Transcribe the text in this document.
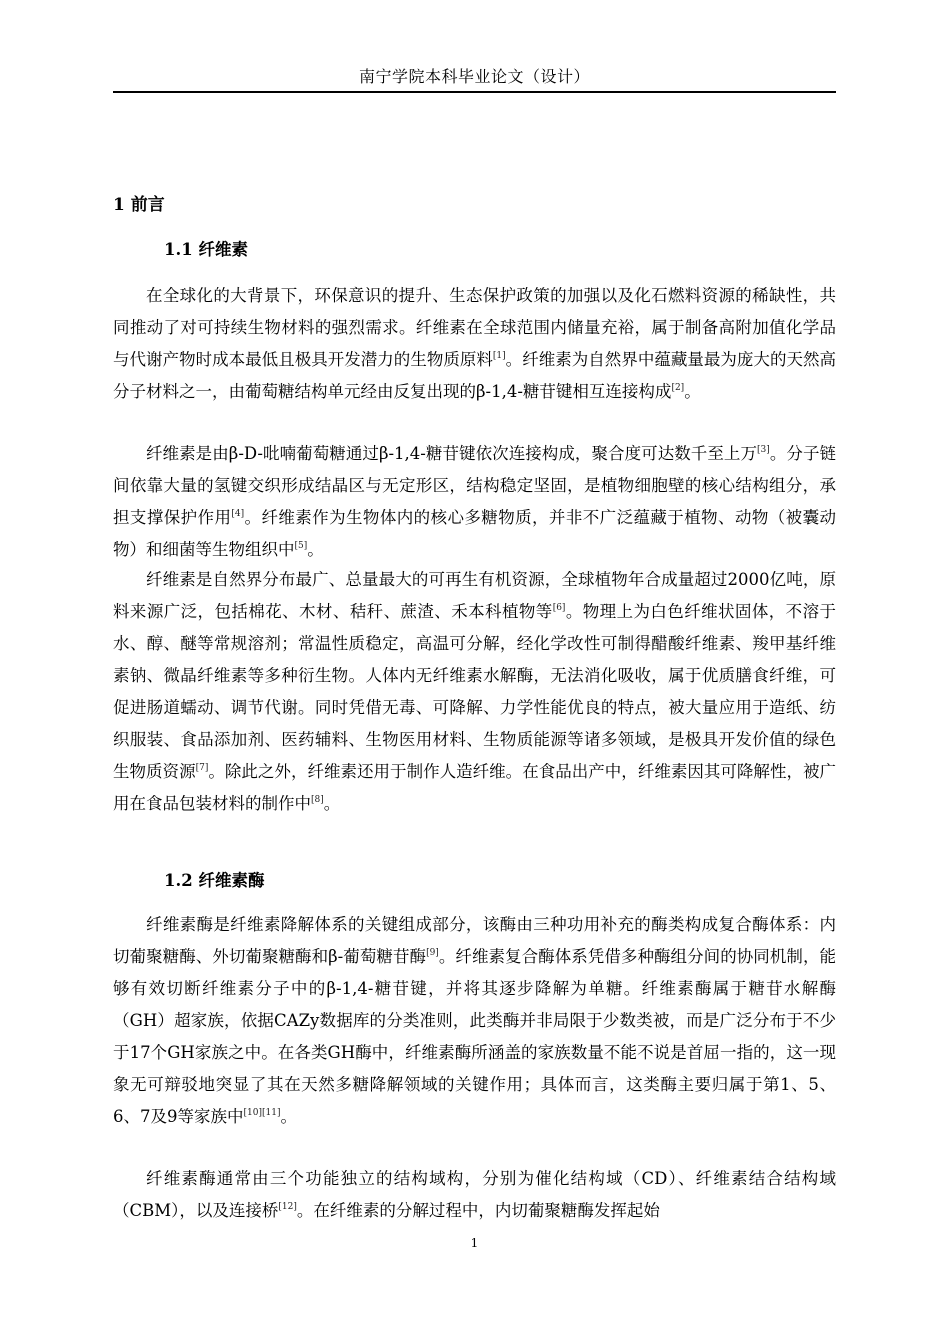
南宁学院本科毕业论文（设计）
1 前言
1.1 纤维素

在全球化的大背景下，环保意识的提升、生态保护政策的加强以及化石燃料资源的稀缺性，共同推动了对可持续生物材料的强烈需求。纤维素在全球范围内储量充裕，属于制备高附加值化学品与代谢产物时成本最低且极具开发潜力的生物质原料[1]。纤维素为自然界中蕴藏量最为庞大的天然高分子材料之一，由葡萄糖结构单元经由反复出现的β-1,4-糖苷键相互连接构成[2]。

纤维素是由β-D-吡喃葡萄糖通过β-1,4-糖苷键依次连接构成，聚合度可达数千至上万[3]。分子链间依靠大量的氢键交织形成结晶区与无定形区，结构稳定坚固，是植物细胞壁的核心结构组分，承担支撑保护作用[4]。纤维素作为生物体内的核心多糖物质，并非不广泛蕴藏于植物、动物（被囊动物）和细菌等生物组织中[5]。

纤维素是自然界分布最广、总量最大的可再生有机资源，全球植物年合成量超过2000亿吨，原料来源广泛，包括棉花、木材、秸秆、蔗渣、禾本科植物等[6]。物理上为白色纤维状固体，不溶于水、醇、醚等常规溶剂；常温性质稳定，高温可分解，经化学改性可制得醋酸纤维素、羧甲基纤维素钠、微晶纤维素等多种衍生物。人体内无纤维素水解酶，无法消化吸收，属于优质膳食纤维，可促进肠道蠕动、调节代谢。同时凭借无毒、可降解、力学性能优良的特点，被大量应用于造纸、纺织服装、食品添加剂、医药辅料、生物医用材料、生物质能源等诸多领域，是极具开发价值的绿色生物质资源[7]。除此之外，纤维素还用于制作人造纤维。在食品出产中，纤维素因其可降解性，被广用在食品包装材料的制作中[8]。

1.2 纤维素酶

纤维素酶是纤维素降解体系的关键组成部分，该酶由三种功用补充的酶类构成复合酶体系：内切葡聚糖酶、外切葡聚糖酶和β-葡萄糖苷酶[9]。纤维素复合酶体系凭借多种酶组分间的协同机制，能够有效切断纤维素分子中的β-1,4-糖苷键，并将其逐步降解为单糖。纤维素酶属于糖苷水解酶（GH）超家族，依据CAZy数据库的分类准则，此类酶并非局限于少数类被，而是广泛分布于不少于17个GH家族之中。在各类GH酶中，纤维素酶所涵盖的家族数量不能不说是首屈一指的，这一现象无可辩驳地突显了其在天然多糖降解领域的关键作用；具体而言，这类酶主要归属于第1、5、6、7及9等家族中[10][11]。

纤维素酶通常由三个功能独立的结构域构，分别为催化结构域（CD）、纤维素结合结构域（CBM），以及连接桥[12]。在纤维素的分解过程中，内切葡聚糖酶发挥起始

1
